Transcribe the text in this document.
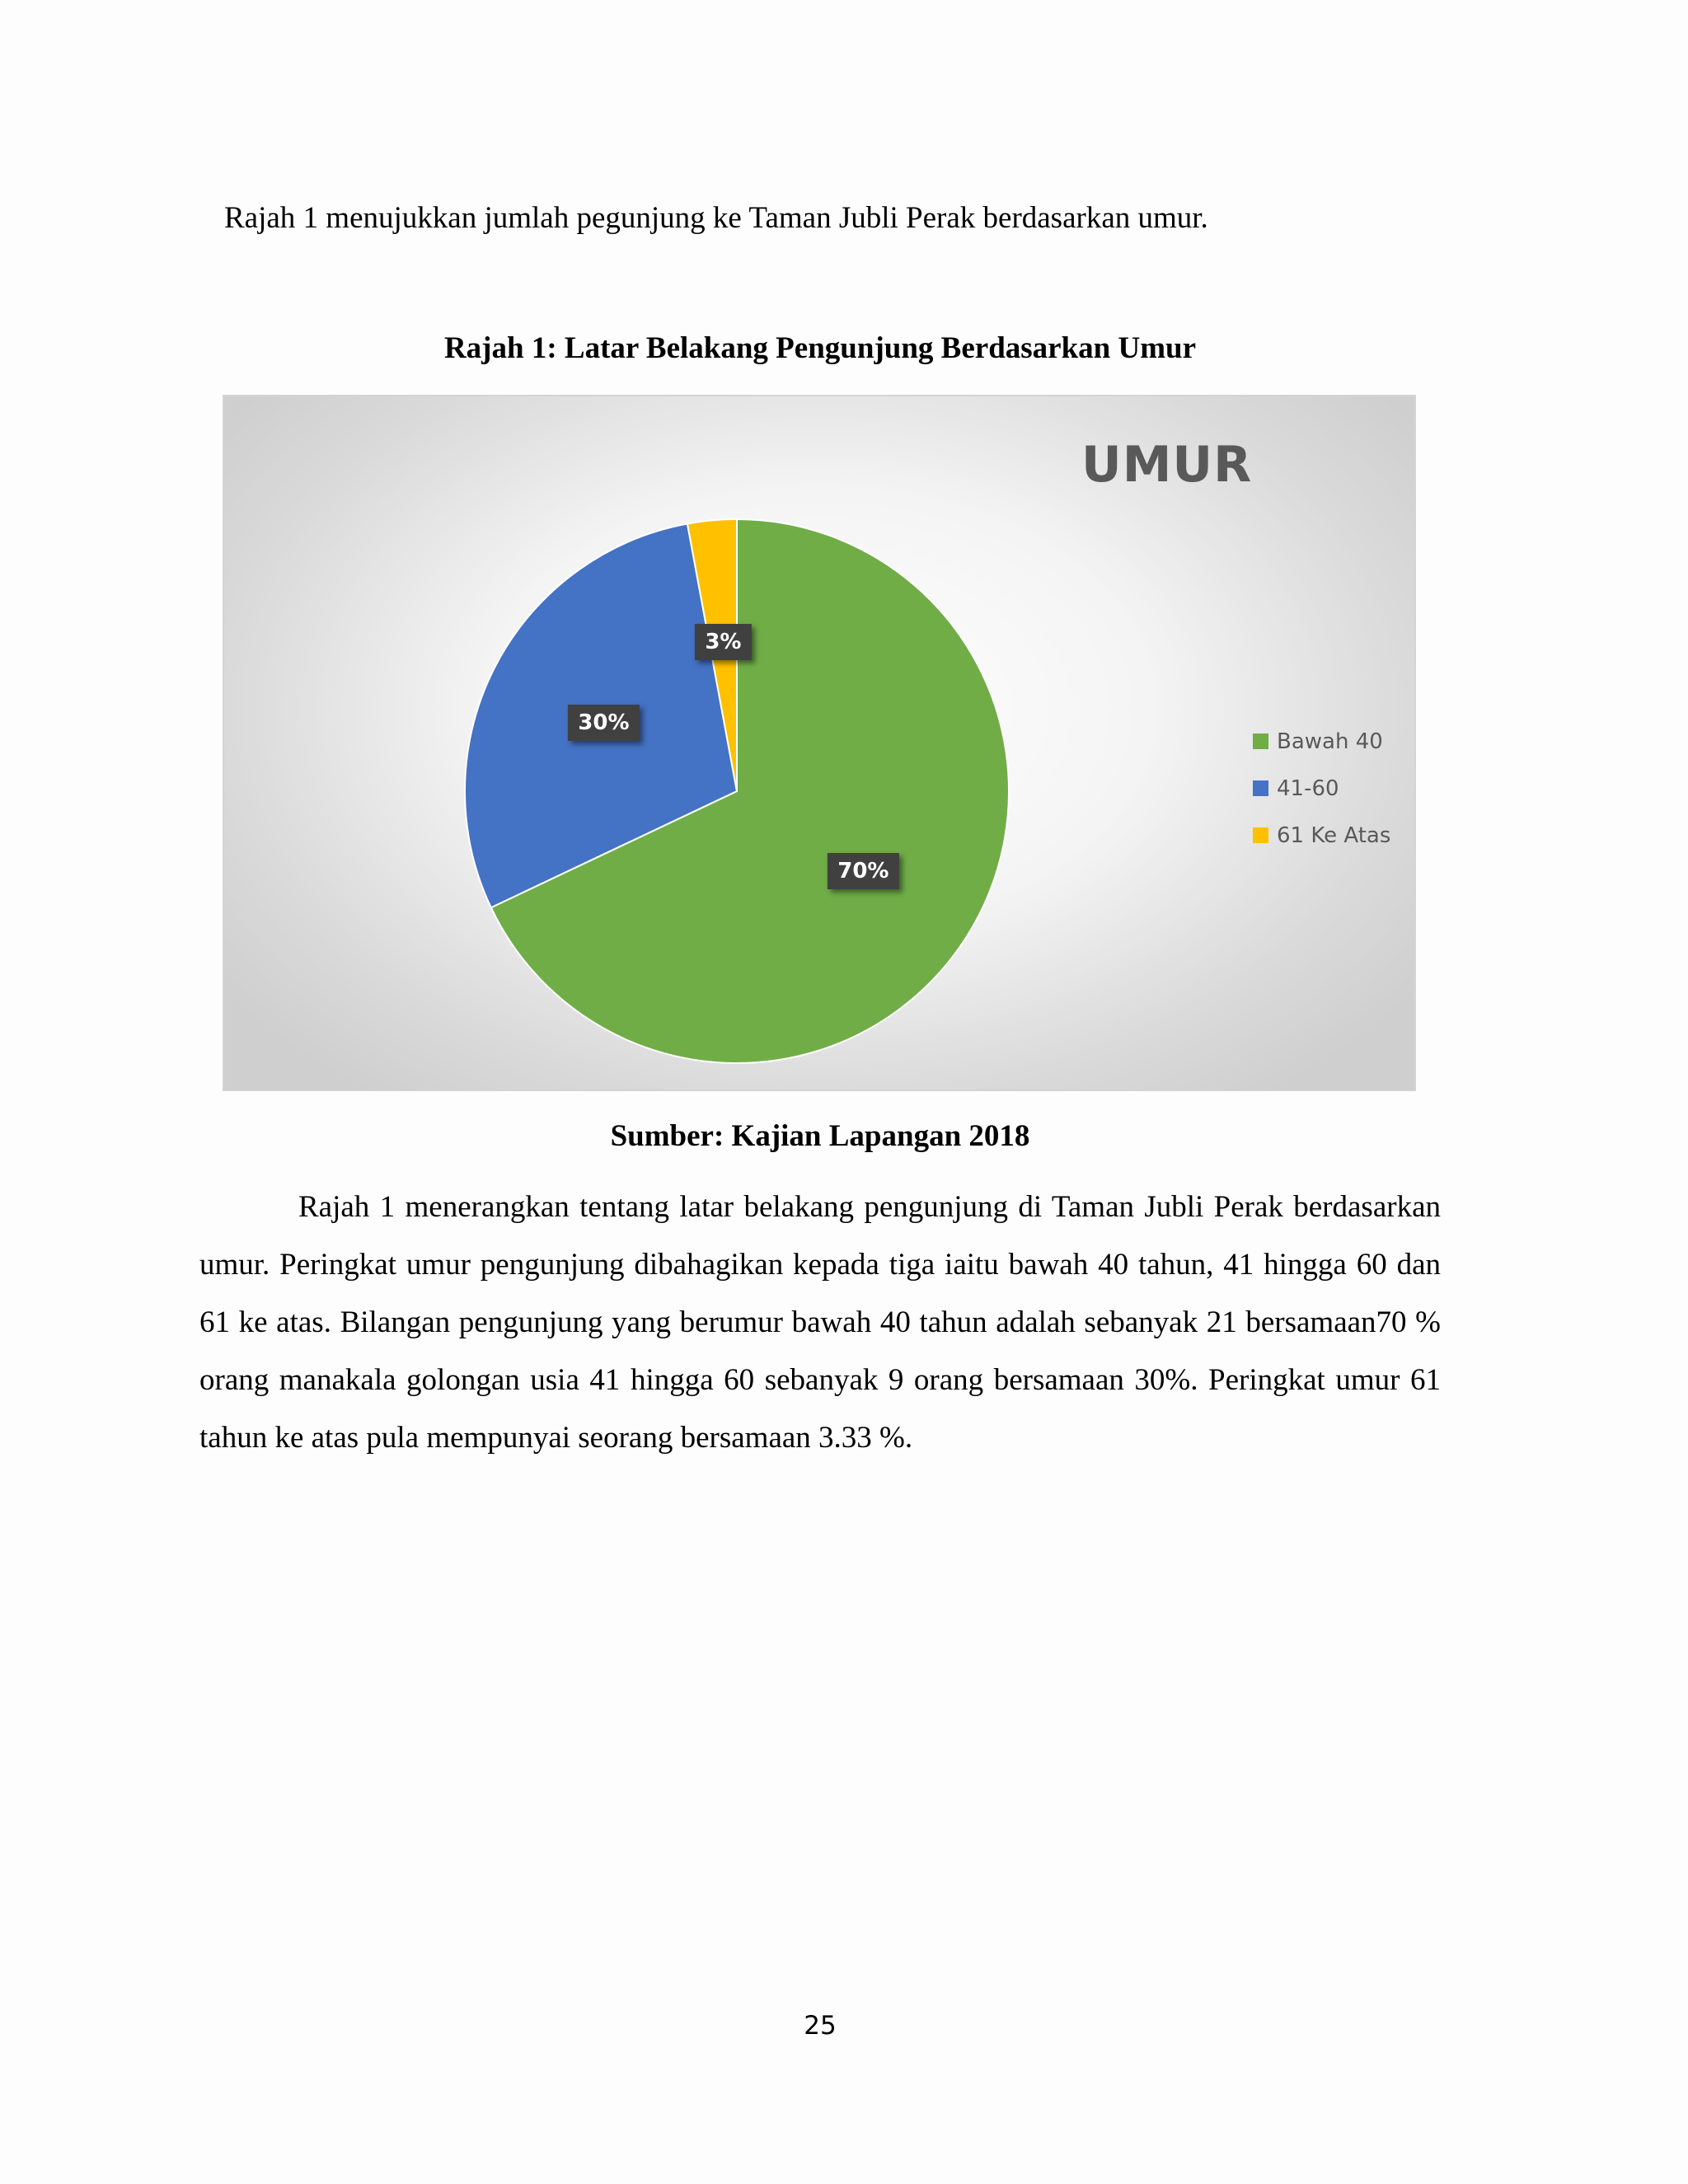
Rajah 1 menujukkan jumlah pegunjung ke Taman Jubli Perak berdasarkan umur.
Rajah 1: Latar Belakang Pengunjung Berdasarkan Umur
UMUR
Bawah 40
41-60
61 Ke Atas
70%
30%
3%
Sumber: Kajian Lapangan 2018

Rajah 1 menerangkan tentang latar belakang pengunjung di Taman Jubli Perak berdasarkan umur. Peringkat umur pengunjung dibahagikan kepada tiga iaitu bawah 40 tahun, 41 hingga 60 dan 61 ke atas. Bilangan pengunjung yang berumur bawah 40 tahun adalah sebanyak 21 bersamaan70 % orang manakala golongan usia 41 hingga 60 sebanyak 9 orang bersamaan 30%. Peringkat umur 61 tahun ke atas pula mempunyai seorang bersamaan 3.33 %.

25
